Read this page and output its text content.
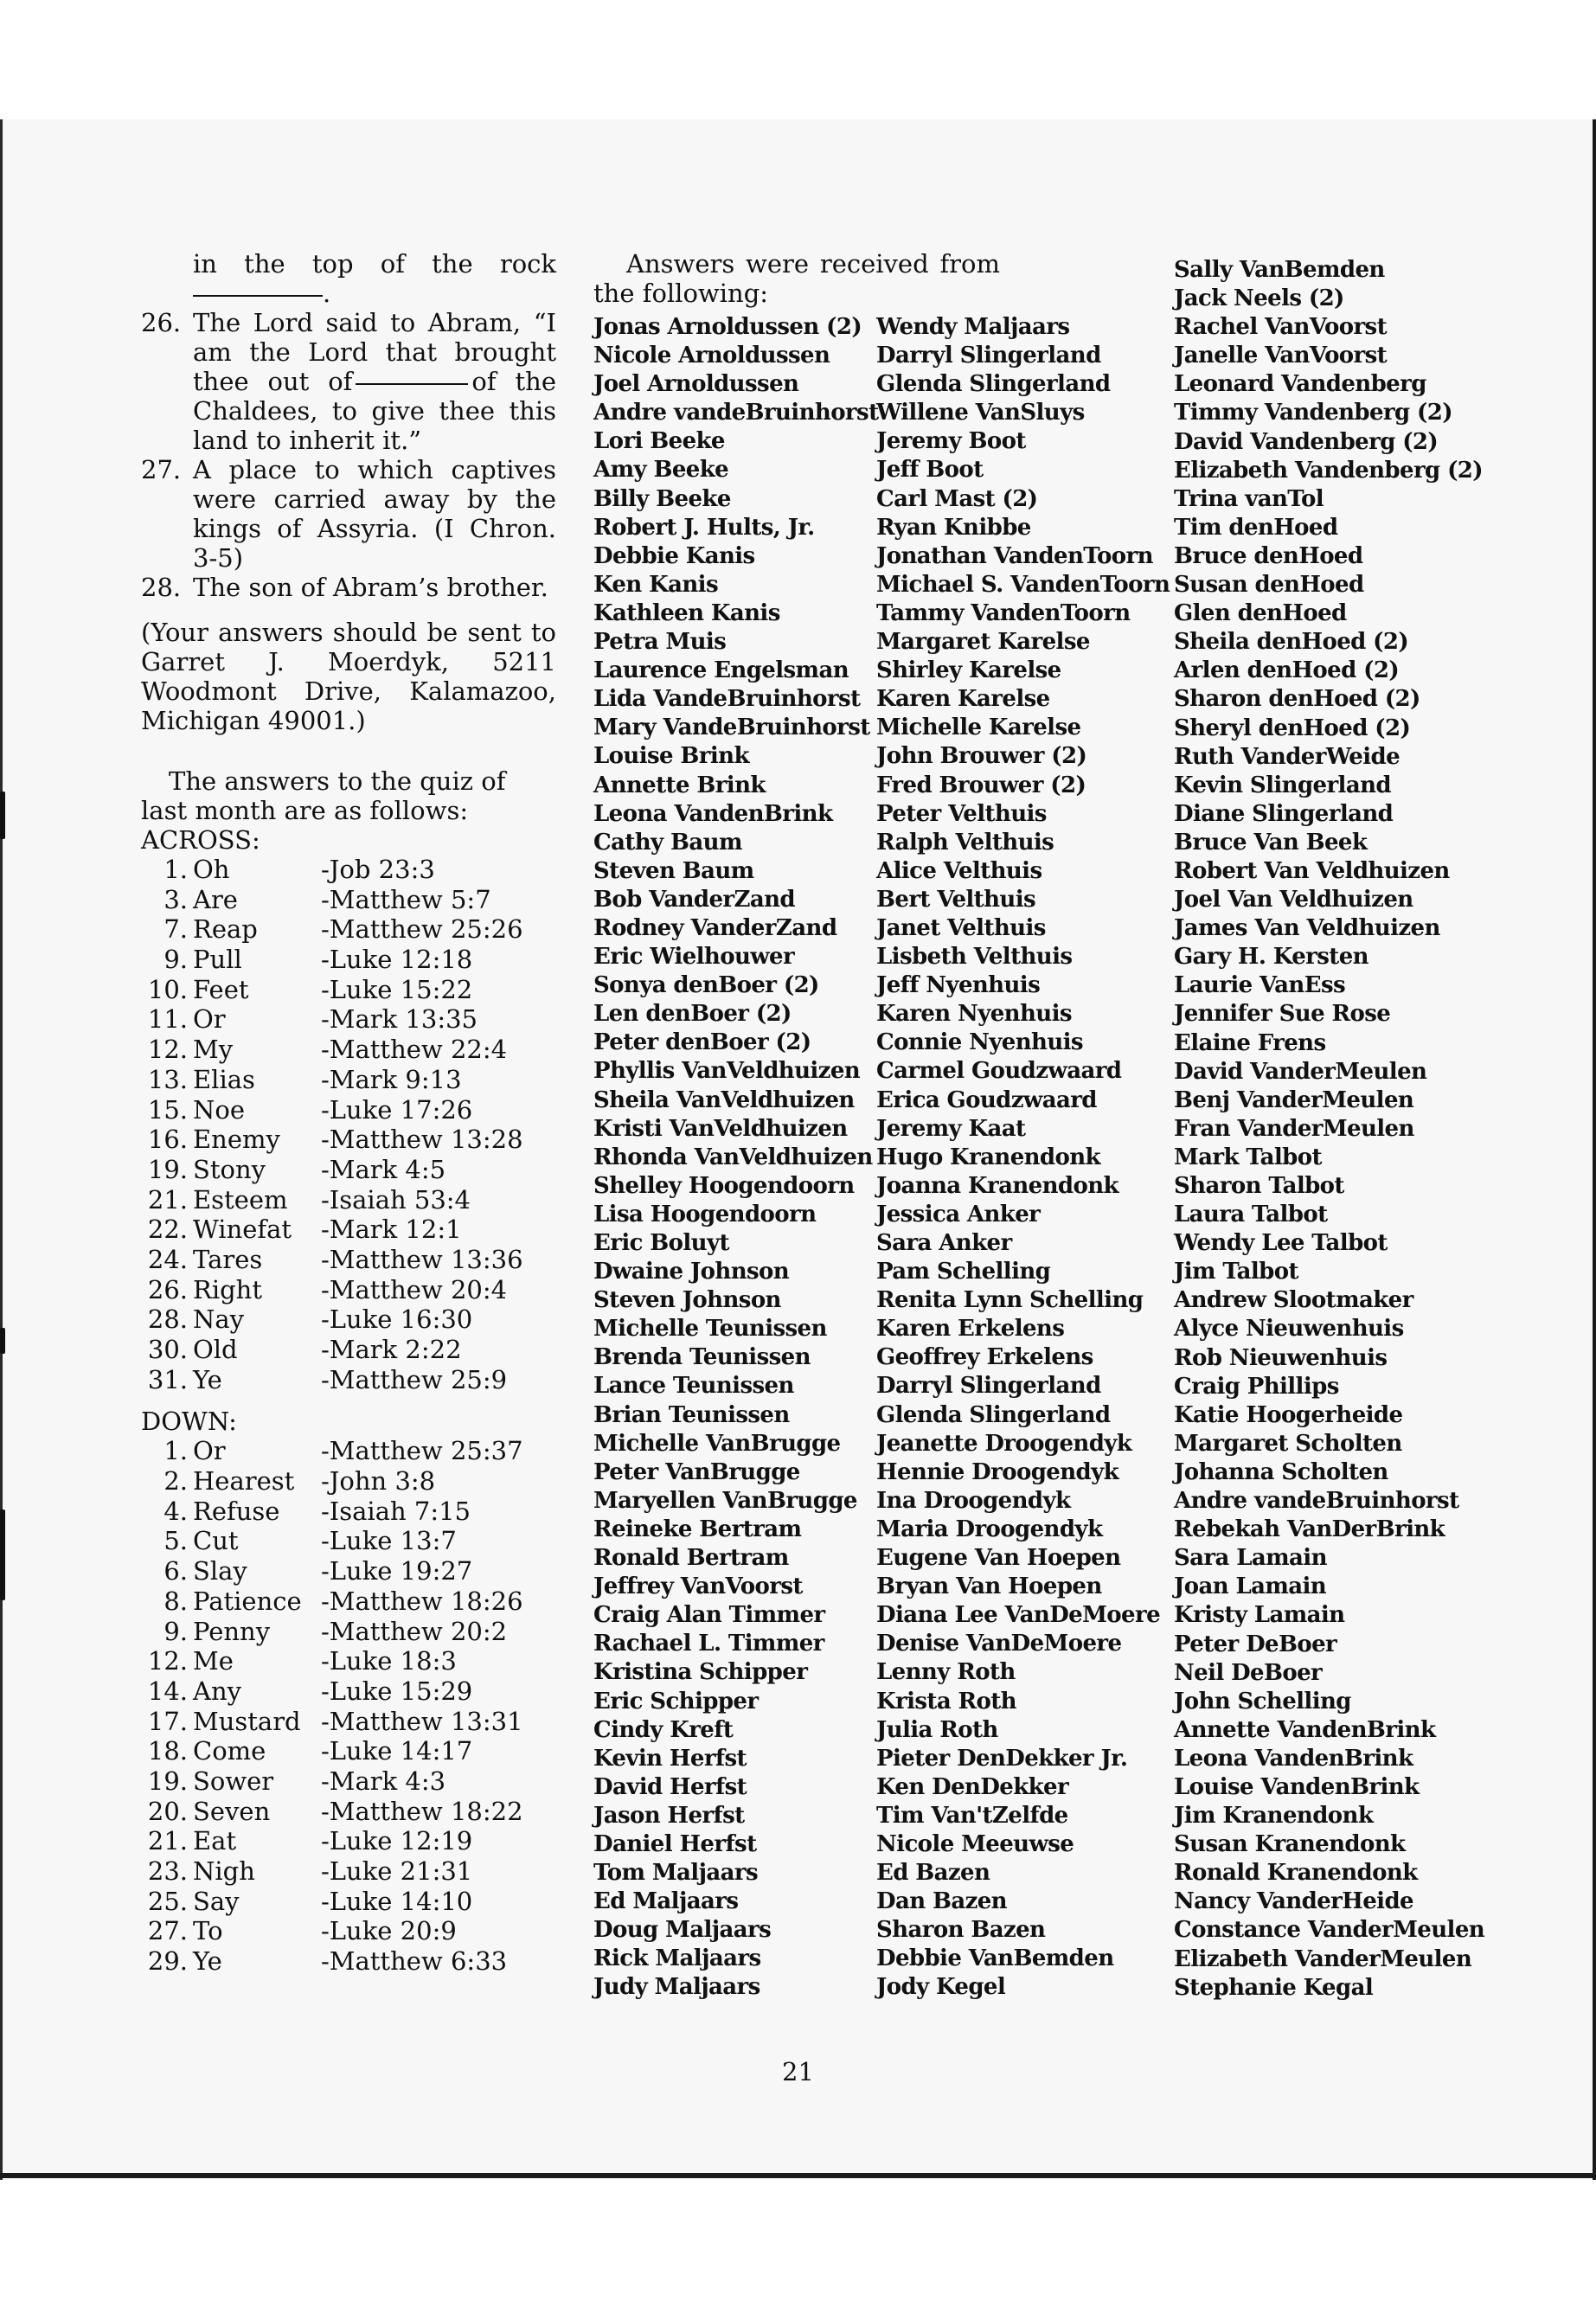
in the top of the rock

.

26. The Lord said to Abram, “I am the Lord that brought thee out of	of the Chaldees, to give thee this land to inherit it.”

27. A place to which captives were carried away by the kings of Assyria. (I Chron. 3-5)

28. The son of Abram’s brother.

(Your answers should be sent to Garret J. Moerdyk, 5211 Woodmont Drive, Kalamazoo, Michigan 49001.)

The answers to the quiz of last month are as follows:

ACROSS:

1. Oh	-Job 23:3
3. Are	-Matthew 5:7
7. Reap	-Matthew 25:26
9. Pull	-Luke 12:18
10. Feet	-Luke 15:22
11. Or	-Mark 13:35
12. My	-Matthew 22:4
13. Elias	-Mark 9:13
15. Noe	-Luke 17:26
16. Enemy	-Matthew 13:28
19. Stony	-Mark 4:5
21. Esteem	-Isaiah 53:4
22. Winefat	-Mark 12:1
24. Tares	-Matthew 13:36
26. Right	-Matthew 20:4
28. Nay	-Luke 16:30
30. Old	-Mark 2:22
31. Ye	-Matthew 25:9

DOWN:

1. Or	-Matthew 25:37
2. Hearest	-John 3:8
4. Refuse	-Isaiah 7:15
5. Cut	-Luke 13:7
6. Slay	-Luke 19:27
8. Patience -Matthew 18:26
9. Penny	-Matthew 20:2
12. Me	-Luke 18:3
14. Any	-Luke 15:29
17. Mustard -Matthew 13:31
18. Come	-Luke 14:17
19. Sower	-Mark 4:3
20. Seven	-Matthew 18:22
21. Eat	-Luke 12:19
23. Nigh	-Luke 21:31
25. Say	-Luke 14:10
27. To	-Luke 20:9
29. Ye	-Matthew 6:33

Answers were received from the following:

Jonas Arnoldussen (2)
Nicole Arnoldussen
Joel Arnoldussen
Andre vandeBruinhorst
Lori Beeke
Amy Beeke
Billy Beeke
Robert J. Hults, Jr.
Debbie Kanis
Ken Kanis
Kathleen Kanis
Petra Muis
Laurence Engelsman
Lida VandeBruinhorst
Mary VandeBruinhorst
Louise Brink
Annette Brink
Leona VandenBrink
Cathy Baum
Steven Baum
Bob VanderZand
Rodney VanderZand
Eric Wielhouwer
Sonya denBoer (2)
Len denBoer (2)
Peter denBoer (2)
Phyllis VanVeldhuizen
Sheila VanVeldhuizen
Kristi VanVeldhuizen
Rhonda VanVeldhuizen
Shelley Hoogendoorn
Lisa Hoogendoorn
Eric Boluyt
Dwaine Johnson
Steven Johnson
Michelle Teunissen
Brenda Teunissen
Lance Teunissen
Brian Teunissen
Michelle VanBrugge
Peter VanBrugge
Maryellen VanBrugge
Reineke Bertram
Ronald Bertram
Jeffrey VanVoorst
Craig Alan Timmer
Rachael L. Timmer
Kristina Schipper
Eric Schipper
Cindy Kreft
Kevin Herfst
David Herfst
Jason Herfst
Daniel Herfst
Tom Maljaars
Ed Maljaars
Doug Maljaars
Rick Maljaars
Judy Maljaars
Wendy Maljaars
Darryl Slingerland
Glenda Slingerland
Willene VanSluys
Jeremy Boot
Jeff Boot
Carl Mast (2)
Ryan Knibbe
Jonathan VandenToorn
Michael S. VandenToorn
Tammy VandenToorn
Margaret Karelse
Shirley Karelse
Karen Karelse
Michelle Karelse
John Brouwer (2)
Fred Brouwer (2)
Peter Velthuis
Ralph Velthuis
Alice Velthuis
Bert Velthuis
Janet Velthuis
Lisbeth Velthuis
Jeff Nyenhuis
Karen Nyenhuis
Connie Nyenhuis
Carmel Goudzwaard
Erica Goudzwaard
Jeremy Kaat
Hugo Kranendonk
Joanna Kranendonk
Jessica Anker
Sara Anker
Pam Schelling
Renita Lynn Schelling
Karen Erkelens
Geoffrey Erkelens
Darryl Slingerland
Glenda Slingerland
Jeanette Droogendyk
Hennie Droogendyk
Ina Droogendyk
Maria Droogendyk
Eugene Van Hoepen
Bryan Van Hoepen
Diana Lee VanDeMoere
Denise VanDeMoere
Lenny Roth
Krista Roth
Julia Roth
Pieter DenDekker Jr.
Ken DenDekker
Tim Van'tZelfde
Nicole Meeuwse
Ed Bazen
Dan Bazen
Sharon Bazen
Debbie VanBemden
Jody Kegel
Sally VanBemden
Jack Neels (2)
Rachel VanVoorst
Janelle VanVoorst
Leonard Vandenberg
Timmy Vandenberg (2)
David Vandenberg (2)
Elizabeth Vandenberg (2)
Trina vanTol
Tim denHoed
Bruce denHoed
Susan denHoed
Glen denHoed
Sheila denHoed (2)
Arlen denHoed (2)
Sharon denHoed (2)
Sheryl denHoed (2)
Ruth VanderWeide
Kevin Slingerland
Diane Slingerland
Bruce Van Beek
Robert Van Veldhuizen
Joel Van Veldhuizen
James Van Veldhuizen
Gary H. Kersten
Laurie VanEss
Jennifer Sue Rose
Elaine Frens
David VanderMeulen
Benj VanderMeulen
Fran VanderMeulen
Mark Talbot
Sharon Talbot
Laura Talbot
Wendy Lee Talbot
Jim Talbot
Andrew Slootmaker
Alyce Nieuwenhuis
Rob Nieuwenhuis
Craig Phillips
Katie Hoogerheide
Margaret Scholten
Johanna Scholten
Andre vandeBruinhorst
Rebekah VanDerBrink
Sara Lamain
Joan Lamain
Kristy Lamain
Peter DeBoer
Neil DeBoer
John Schelling
Annette VandenBrink
Leona VandenBrink
Louise VandenBrink
Jim Kranendonk
Susan Kranendonk
Ronald Kranendonk
Nancy VanderHeide
Constance VanderMeulen
Elizabeth VanderMeulen
Stephanie Kegal
21
